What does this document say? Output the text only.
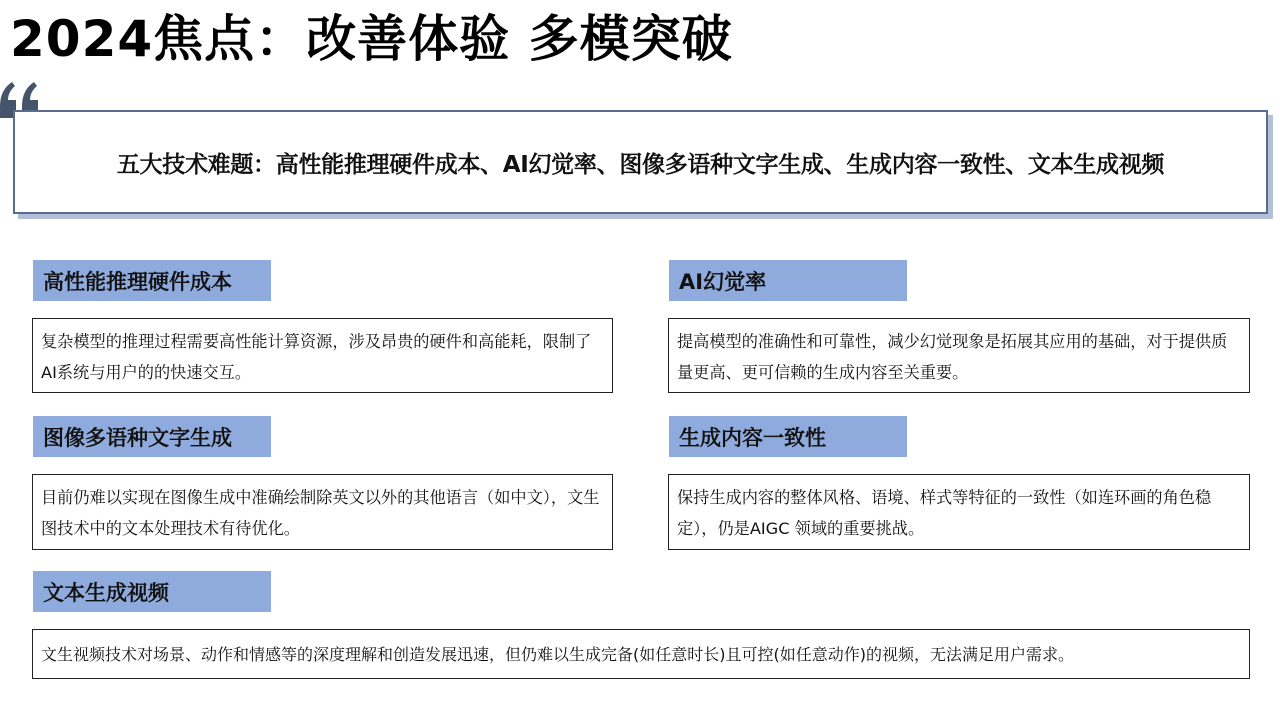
2024焦点：改善体验 多模突破
五大技术难题：高性能推理硬件成本、AI幻觉率、图像多语种文字生成、生成内容一致性、文本生成视频
高性能推理硬件成本
复杂模型的推理过程需要高性能计算资源，涉及昂贵的硬件和高能耗，限制了AI系统与用户的的快速交互。
AI幻觉率
提高模型的准确性和可靠性，减少幻觉现象是拓展其应用的基础，对于提供质量更高、更可信赖的生成内容至关重要。
图像多语种文字生成
目前仍难以实现在图像生成中准确绘制除英文以外的其他语言（如中文），文生图技术中的文本处理技术有待优化。
生成内容一致性
保持生成内容的整体风格、语境、样式等特征的一致性（如连环画的角色稳定），仍是AIGC 领域的重要挑战。
文本生成视频
文生视频技术对场景、动作和情感等的深度理解和创造发展迅速，但仍难以生成完备(如任意时长)且可控(如任意动作)的视频，无法满足用户需求。
